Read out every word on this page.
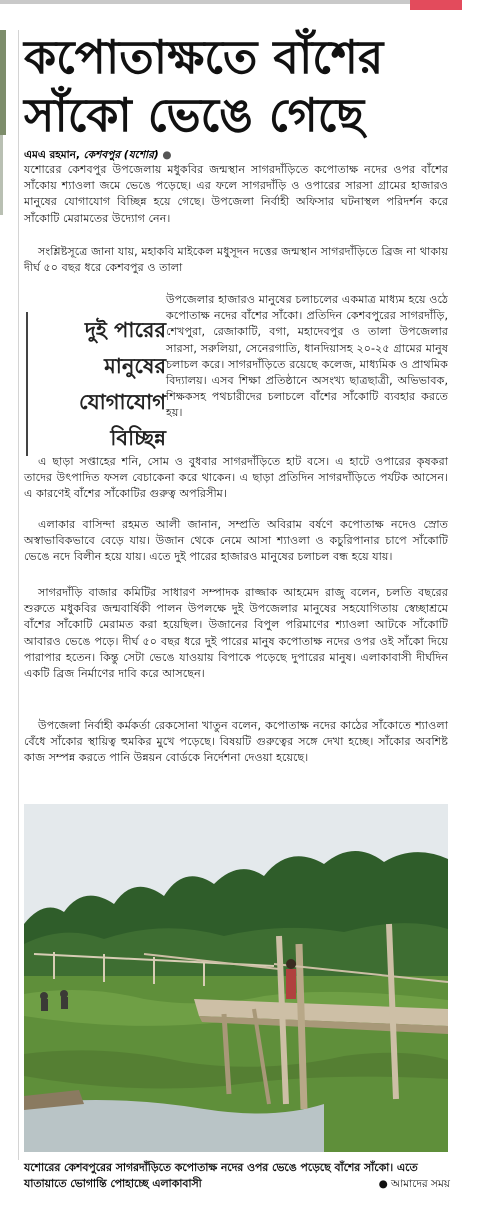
কপোতাক্ষতে বাঁশের
সাঁকো ভেঙে গেছে
এমএ রহমান, কেশবপুর (যশোর) ●

যশোরের কেশবপুর উপজেলায় মধুকবির জন্মস্থান সাগরদাঁড়িতে কপোতাক্ষ নদের ওপর বাঁশের সাঁকোয় শ্যাওলা জমে ভেঙে পড়েছে। এর ফলে সাগরদাঁড়ি ও ওপারের সারসা গ্রামের হাজারও মানুষের যোগাযোগ বিচ্ছিন্ন হয়ে গেছে। উপজেলা নির্বাহী অফিসার ঘটনাস্থল পরিদর্শন করে সাঁকোটি মেরামতের উদ্যোগ নেন।

সংশ্লিষ্টসূত্রে জানা যায়, মহাকবি মাইকেল মধুসূদন দত্তের জন্মস্থান সাগরদাঁড়িতে ব্রিজ না থাকায় দীর্ঘ ৫০ বছর ধরে কেশবপুর ও তালা

দুই পারের
মানুষের
যোগাযোগ
বিচ্ছিন্ন

উপজেলার হাজারও মানুষের চলাচলের একমাত্র মাধ্যম হয়ে ওঠে কপোতাক্ষ নদের বাঁশের সাঁকো। প্রতিদিন কেশবপুরের সাগরদাঁড়ি, শেখপুরা, রেজাকাটি, বগা, মহাদেবপুর ও তালা উপজেলার সারসা, সরুলিয়া, সেনেরগাতি, ধানদিয়াসহ ২০-২৫ গ্রামের মানুষ চলাচল করে। সাগরদাঁড়িতে রয়েছে কলেজ, মাধ্যমিক ও প্রাথমিক বিদ্যালয়। এসব শিক্ষা প্রতিষ্ঠানে অসংখ্য ছাত্রছাত্রী, অভিভাবক, শিক্ষকসহ পথচারীদের চলাচলে বাঁশের সাঁকোটি ব্যবহার করতে হয়।

এ ছাড়া সপ্তাহের শনি, সোম ও বুধবার সাগরদাঁড়িতে হাট বসে। এ হাটে ওপারের কৃষকরা তাদের উৎপাদিত ফসল বেচাকেনা করে থাকেন। এ ছাড়া প্রতিদিন সাগরদাঁড়িতে পর্যটক আসেন। এ কারণেই বাঁশের সাঁকোটির গুরুত্ব অপরিসীম।

এলাকার বাসিন্দা রহমত আলী জানান, সম্প্রতি অবিরাম বর্ষণে কপোতাক্ষ নদেও স্রোত অস্বাভাবিকভাবে বেড়ে যায়। উজান থেকে নেমে আসা শ্যাওলা ও কচুরিপানার চাপে সাঁকোটি ভেঙে নদে বিলীন হয়ে যায়। এতে দুই পারের হাজারও মানুষের চলাচল বন্ধ হয়ে যায়।

সাগরদাঁড়ি বাজার কমিটির সাধারণ সম্পাদক রাজ্জাক আহমেদ রাজু বলেন, চলতি বছরের শুরুতে মধুকবির জন্মবার্ষিকী পালন উপলক্ষে দুই উপজেলার মানুষের সহযোগিতায় স্বেচ্ছাশ্রমে বাঁশের সাঁকোটি মেরামত করা হয়েছিল। উজানের বিপুল পরিমাণের শ্যাওলা আটকে সাঁকোটি আবারও ভেঙে পড়ে। দীর্ঘ ৫০ বছর ধরে দুই পারের মানুষ কপোতাক্ষ নদের ওপর ওই সাঁকো দিয়ে পারাপার হতেন। কিন্তু সেটা ভেঙে যাওয়ায় বিপাকে পড়েছে দুপারের মানুষ। এলাকাবাসী দীর্ঘদিন একটি ব্রিজ নির্মাণের দাবি করে আসছেন।

উপজেলা নির্বাহী কর্মকর্তা রেকসোনা খাতুন বলেন, কপোতাক্ষ নদের কাঠের সাঁকোতে শ্যাওলা বেঁধে সাঁকোর স্থায়িত্ব হুমকির মুখে পড়েছে। বিষয়টি গুরুত্বের সঙ্গে দেখা হচ্ছে। সাঁকোর অবশিষ্ট কাজ সম্পন্ন করতে পানি উন্নয়ন বোর্ডকে নির্দেশনা দেওয়া হয়েছে।

যশোরের কেশবপুরের সাগরদাঁড়িতে কপোতাক্ষ নদের ওপর ভেঙে পড়েছে বাঁশের সাঁকো। এতে যাতায়াতে ভোগান্তি পোহাচ্ছে এলাকাবাসী	● আমাদের সময়
